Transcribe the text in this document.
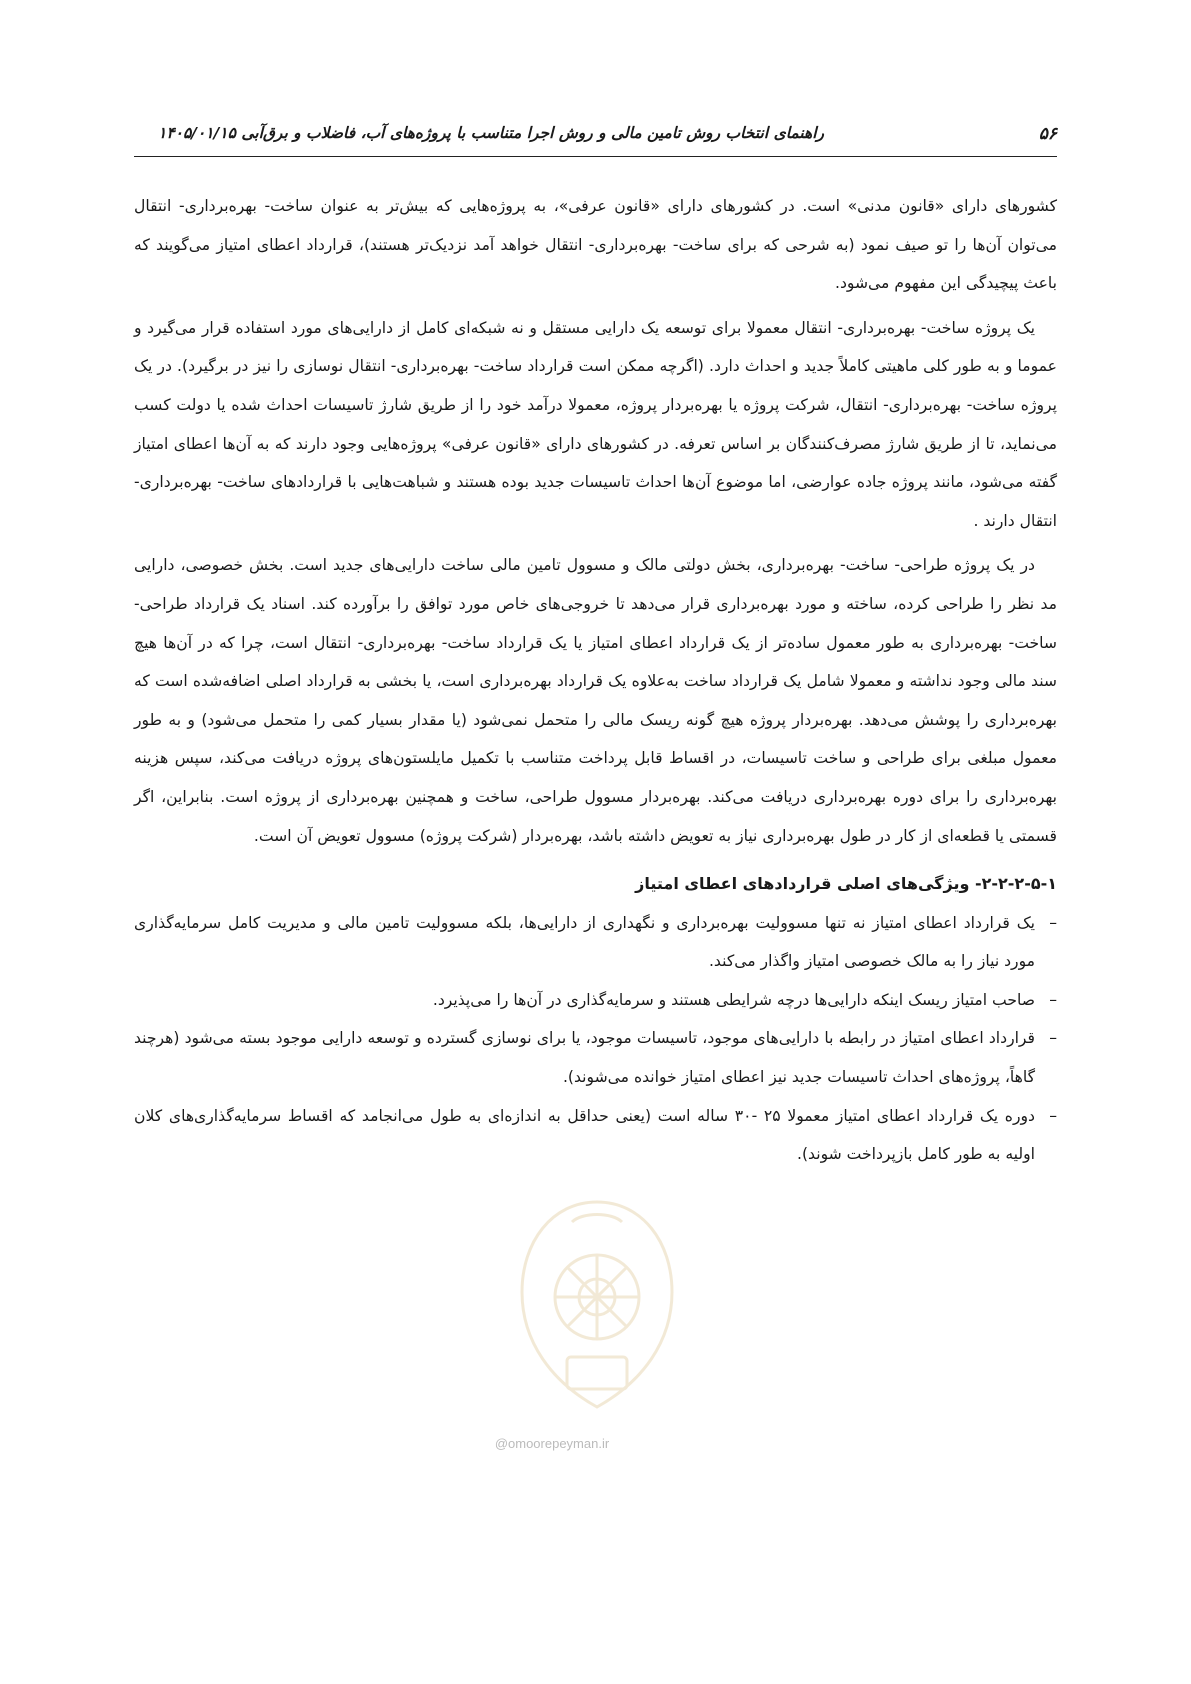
۵۶
راهنمای انتخاب روش تامین مالی و روش اجرا متناسب با پروژه‌های آب، فاضلاب و برق‌آبی ۱۴۰۵/۰۱/۱۵

کشورهای دارای «قانون مدنی» است. در کشورهای دارای «قانون عرفی»، به پروژه‌هایی که بیش‌تر به عنوان ساخت- بهره‌برداری- انتقال می‌توان آن‌ها را تو صیف نمود (به شرحی که برای ساخت- بهره‌برداری- انتقال خواهد آمد نزدیک‌تر هستند)، قرارداد اعطای امتیاز می‌گویند که باعث پیچیدگی این مفهوم می‌شود.

یک پروژه ساخت- بهره‌برداری- انتقال معمولا برای توسعه یک دارایی مستقل و نه شبکه‌ای کامل از دارایی‌های مورد استفاده قرار می‌گیرد و عموما و به طور کلی ماهیتی کاملاً جدید و احداث دارد. (اگرچه ممکن است قرارداد ساخت- بهره‌برداری- انتقال نوسازی را نیز در برگیرد). در یک پروژه ساخت- بهره‌برداری- انتقال، شرکت پروژه یا بهره‌بردار پروژه، معمولا درآمد خود را از طریق شارژ تاسیسات احداث شده یا دولت کسب می‌نماید، تا از طریق شارژ مصرف‌کنندگان بر اساس تعرفه. در کشورهای دارای «قانون عرفی» پروژه‌هایی وجود دارند که به آن‌ها اعطای امتیاز گفته می‌شود، مانند پروژه جاده عوارضی، اما موضوع آن‌ها احداث تاسیسات جدید بوده هستند و شباهت‌هایی با قراردادهای ساخت- بهره‌برداری- انتقال دارند .

در یک پروژه طراحی- ساخت- بهره‌برداری، بخش دولتی مالک و مسوول تامین مالی ساخت دارایی‌های جدید است. بخش خصوصی، دارایی مد نظر را طراحی کرده، ساخته و مورد بهره‌برداری قرار می‌دهد تا خروجی‌های خاص مورد توافق را برآورده کند. اسناد یک قرارداد طراحی- ساخت- بهره‌برداری به طور معمول ساده‌تر از یک قرارداد اعطای امتیاز یا یک قرارداد ساخت- بهره‌برداری- انتقال است، چرا که در آن‌ها هیچ سند مالی وجود نداشته و معمولا شامل یک قرارداد ساخت به‌علاوه یک قرارداد بهره‌برداری است، یا بخشی به قرارداد اصلی اضافه‌شده است که بهره‌برداری را پوشش می‌دهد. بهره‌بردار پروژه هیچ گونه ریسک مالی را متحمل نمی‌شود (یا مقدار بسیار کمی را متحمل می‌شود) و به طور معمول مبلغی برای طراحی و ساخت تاسیسات، در اقساط قابل پرداخت متناسب با تکمیل مایلستون‌های پروژه دریافت می‌کند، سپس هزینه بهره‌برداری را برای دوره بهره‌برداری دریافت می‌کند. بهره‌بردار مسوول طراحی، ساخت و همچنین بهره‌برداری از پروژه است. بنابراین، اگر قسمتی یا قطعه‌ای از کار در طول بهره‌برداری نیاز به تعویض داشته باشد، بهره‌بردار (شرکت پروژه) مسوول تعویض آن است.

۲-۲-۲-۵-۱- ویژگی‌های اصلی قراردادهای اعطای امتیاز

–
یک قرارداد اعطای امتیاز نه تنها مسوولیت بهره‌برداری و نگهداری از دارایی‌ها، بلکه مسوولیت تامین مالی و مدیریت کامل سرمایه‌گذاری مورد نیاز را به مالک خصوصی امتیاز واگذار می‌کند.
–
صاحب امتیاز ریسک اینکه دارایی‌ها درچه شرایطی هستند و سرمایه‌گذاری در آن‌ها را می‌پذیرد.
–
قرارداد اعطای امتیاز در رابطه با دارایی‌های موجود، تاسیسات موجود، یا برای نوسازی گسترده و توسعه دارایی موجود بسته می‌شود (هرچند گاهاً، پروژه‌های احداث تاسیسات جدید نیز اعطای امتیاز خوانده می‌شوند).
–
دوره یک قرارداد اعطای امتیاز معمولا ۲۵ -۳۰ ساله است (یعنی حداقل به اندازه‌ای به طول می‌انجامد که اقساط سرمایه‌گذاری‌های کلان اولیه به طور کامل بازپرداخت شوند).
@omoorepeyman.ir
